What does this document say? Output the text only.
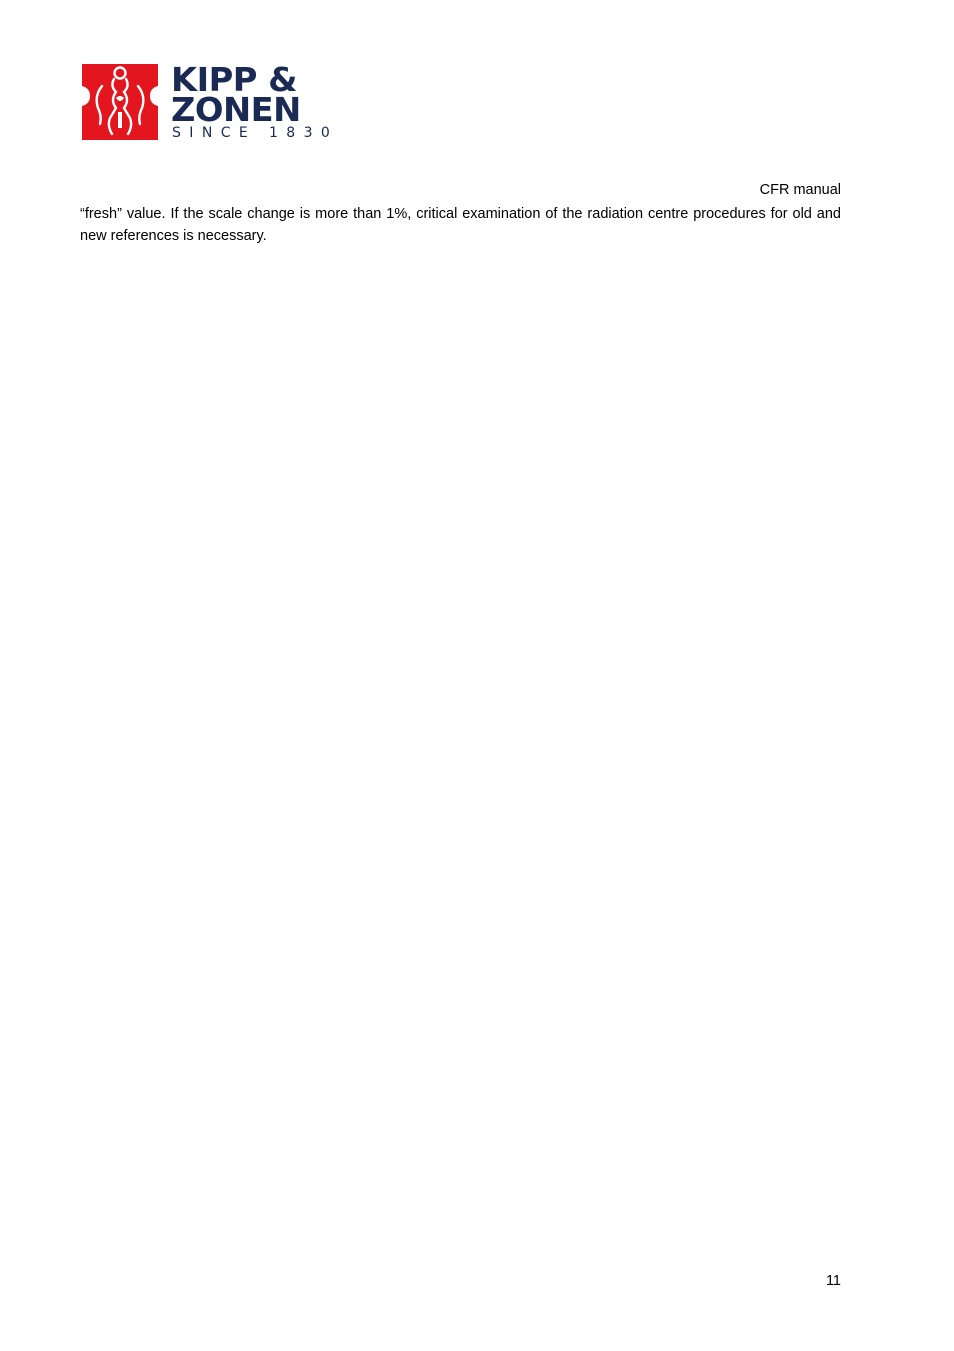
KIPP &
ZONEN
SINCE 1830
CFR manual

“fresh” value. If the scale change is more than 1%, critical examination of the radiation centre procedures for old and new references is necessary.

11
